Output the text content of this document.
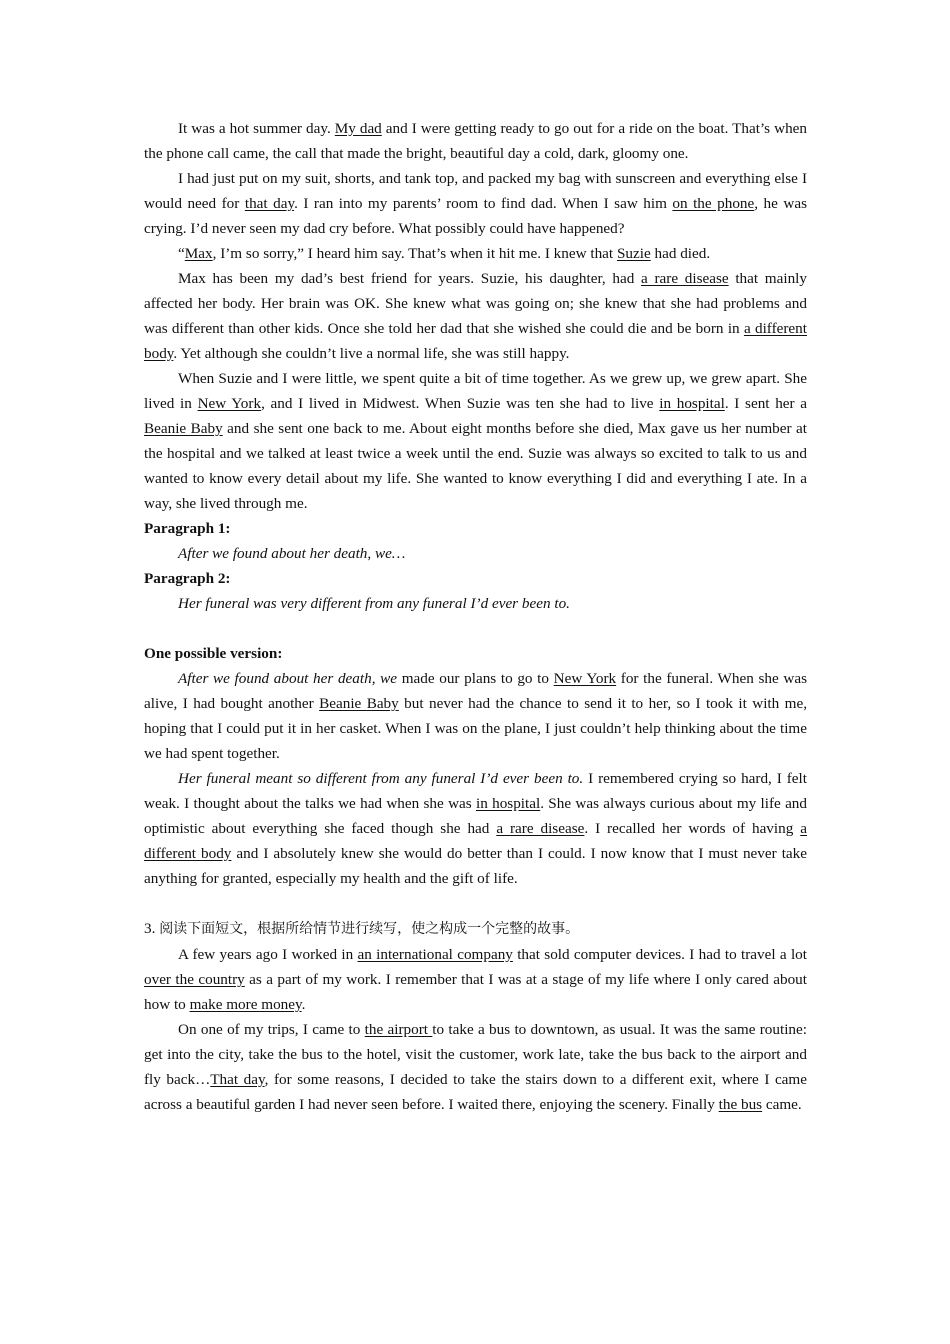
It was a hot summer day. My dad and I were getting ready to go out for a ride on the boat. That’s when the phone call came, the call that made the bright, beautiful day a cold, dark, gloomy one.

I had just put on my suit, shorts, and tank top, and packed my bag with sunscreen and everything else I would need for that day. I ran into my parents’ room to find dad. When I saw him on the phone, he was crying. I’d never seen my dad cry before. What possibly could have happened?

“Max, I’m so sorry,” I heard him say. That’s when it hit me. I knew that Suzie had died.

Max has been my dad’s best friend for years. Suzie, his daughter, had a rare disease that mainly affected her body. Her brain was OK. She knew what was going on; she knew that she had problems and was different than other kids. Once she told her dad that she wished she could die and be born in a different body. Yet although she couldn’t live a normal life, she was still happy.

When Suzie and I were little, we spent quite a bit of time together. As we grew up, we grew apart. She lived in New York, and I lived in Midwest. When Suzie was ten she had to live in hospital. I sent her a Beanie Baby and she sent one back to me. About eight months before she died, Max gave us her number at the hospital and we talked at least twice a week until the end. Suzie was always so excited to talk to us and wanted to know every detail about my life. She wanted to know everything I did and everything I ate. In a way, she lived through me.

Paragraph 1:

After we found about her death, we…

Paragraph 2:

Her funeral was very different from any funeral I’d ever been to.

One possible version:

After we found about her death, we made our plans to go to New York for the funeral. When she was alive, I had bought another Beanie Baby but never had the chance to send it to her, so I took it with me, hoping that I could put it in her casket. When I was on the plane, I just couldn’t help thinking about the time we had spent together.

Her funeral meant so different from any funeral I’d ever been to. I remembered crying so hard, I felt weak. I thought about the talks we had when she was in hospital. She was always curious about my life and optimistic about everything she faced though she had a rare disease. I recalled her words of having a different body and I absolutely knew she would do better than I could. I now know that I must never take anything for granted, especially my health and the gift of life.

3. 阅读下面短文，根据所给情节进行续写，使之构成一个完整的故事。

A few years ago I worked in an international company that sold computer devices. I had to travel a lot over the country as a part of my work. I remember that I was at a stage of my life where I only cared about how to make more money.

On one of my trips, I came to the airport to take a bus to downtown, as usual. It was the same routine: get into the city, take the bus to the hotel, visit the customer, work late, take the bus back to the airport and fly back…That day, for some reasons, I decided to take the stairs down to a different exit, where I came across a beautiful garden I had never seen before. I waited there, enjoying the scenery. Finally the bus came.
